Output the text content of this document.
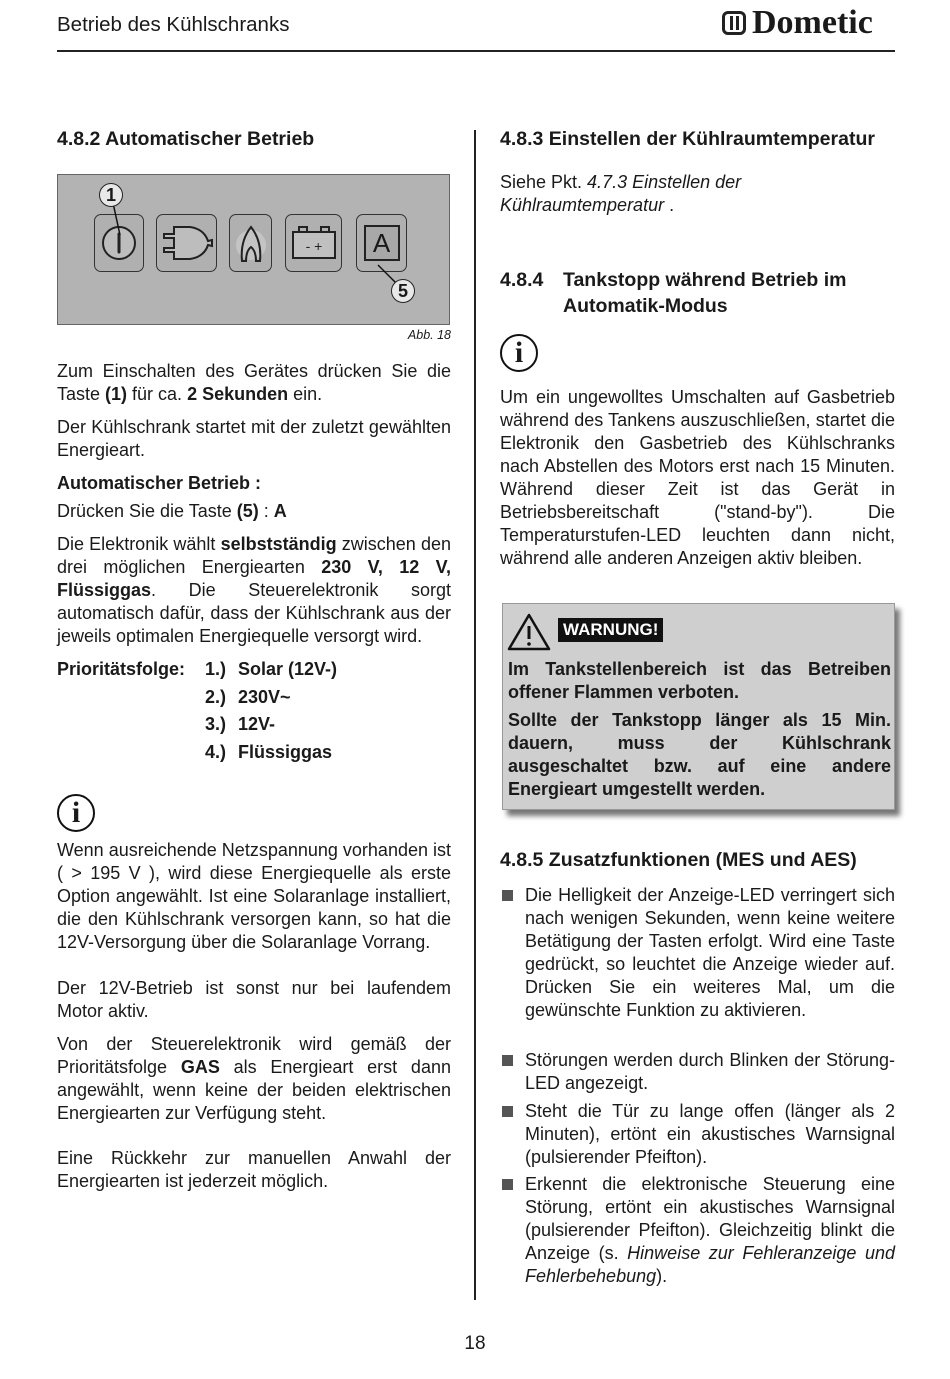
Betrieb des Kühlschranks	Dometic
4.8.2 Automatischer Betrieb
- +	A
1
5
Abb. 18

Zum Einschalten des Gerätes drücken Sie die Taste (1) für ca. 2 Sekunden ein.

Der Kühlschrank startet mit der zuletzt gewählten Energieart.

Automatischer Betrieb :

Drücken Sie die Taste (5) : A

Die Elektronik wählt selbstständig zwischen den drei möglichen Energiearten 230 V, 12 V, Flüssiggas. Die Steuerelektronik sorgt automatisch dafür, dass der Kühlschrank aus der jeweils optimalen Energiequelle versorgt wird.

Prioritätsfolge: 1.) Solar (12V-)
2.) 230V~
3.) 12V-
4.) Flüssiggas
i

Wenn ausreichende Netzspannung vorhanden ist ( > 195 V ), wird diese Energiequelle als erste Option angewählt. Ist eine Solaranlage installiert, die den Kühlschrank versorgen kann, so hat die 12V-Versorgung über die Solaranlage Vorrang.

Der 12V-Betrieb ist sonst nur bei laufendem Motor aktiv.

Von der Steuerelektronik wird gemäß der Prioritätsfolge GAS als Energieart erst dann angewählt, wenn keine der beiden elektrischen Energiearten zur Verfügung steht.

Eine Rückkehr zur manuellen Anwahl der Energiearten ist jederzeit möglich.

4.8.3 Einstellen der Kühlraumtemperatur

Siehe Pkt. 4.7.3 Einstellen der Kühlraumtemperatur .

4.8.4 Tankstopp während Betrieb im Automatik-Modus
i

Um ein ungewolltes Umschalten auf Gasbetrieb während des Tankens auszuschließen, startet die Elektronik den Gasbetrieb des Kühlschranks nach Abstellen des Motors erst nach 15 Minuten. Während dieser Zeit ist das Gerät in Betriebsbereitschaft ("stand-by"). Die Temperaturstufen-LED leuchten dann nicht, während alle anderen Anzeigen aktiv bleiben.

WARNUNG!

Im Tankstellenbereich ist das Betreiben offener Flammen verboten.

Sollte der Tankstopp länger als 15 Min. dauern, muss der Kühlschrank ausgeschaltet bzw. auf eine andere Energieart umgestellt werden.

4.8.5 Zusatzfunktionen (MES und AES)

Die Helligkeit der Anzeige-LED verringert sich nach wenigen Sekunden, wenn keine weitere Betätigung der Tasten erfolgt. Wird eine Taste gedrückt, so leuchtet die Anzeige wieder auf. Drücken Sie ein weiteres Mal, um die gewünschte Funktion zu aktivieren.

Störungen werden durch Blinken der Störung-LED angezeigt.

Steht die Tür zu lange offen (länger als 2 Minuten), ertönt ein akustisches Warnsignal (pulsierender Pfeifton).

Erkennt die elektronische Steuerung eine Störung, ertönt ein akustisches Warnsignal (pulsierender Pfeifton). Gleichzeitig blinkt die Anzeige (s. Hinweise zur Fehleranzeige und Fehlerbehebung).

18
